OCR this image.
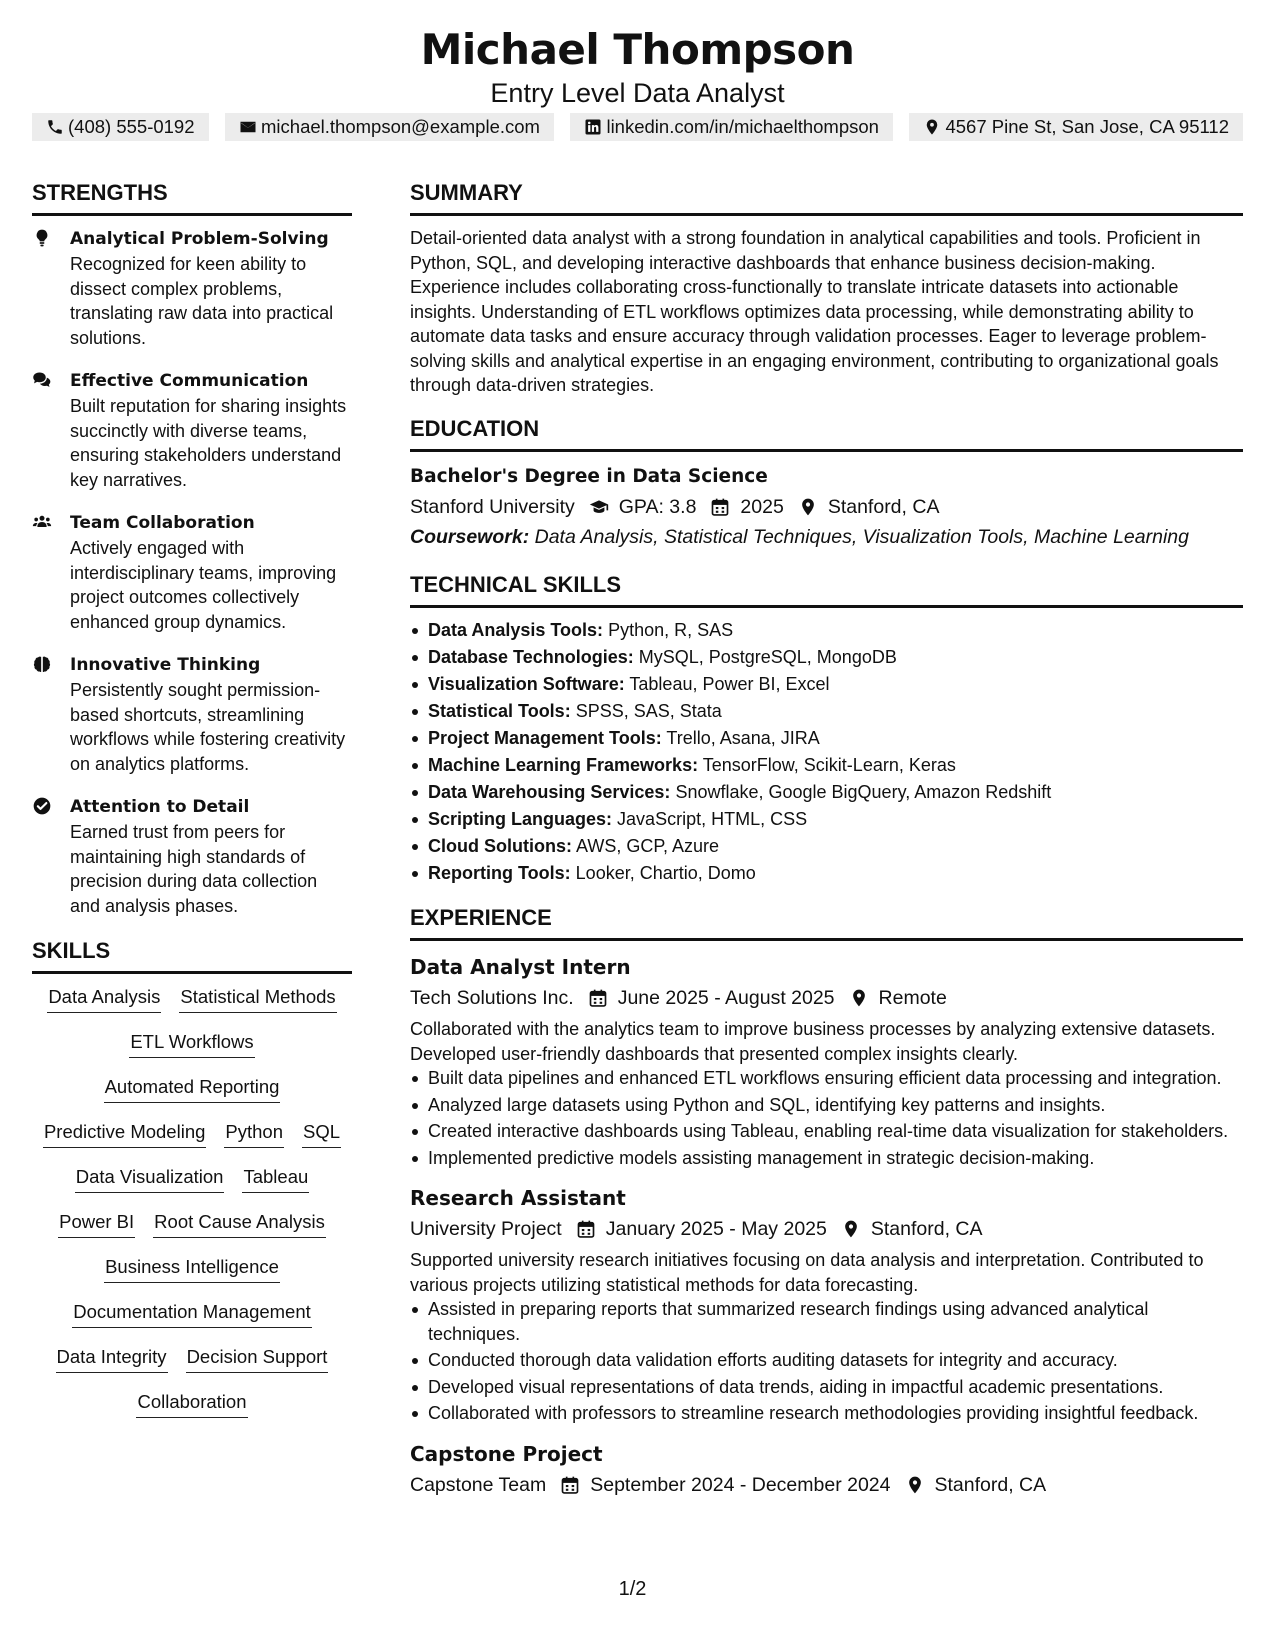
Michael Thompson
Entry Level Data Analyst
(408) 555-0192	michael.thompson@example.com	linkedin.com/in/michaelthompson	4567 Pine St, San Jose, CA 95112
STRENGTHS
Analytical Problem-Solving
Recognized for keen ability to dissect complex problems, translating raw data into practical solutions.
Effective Communication
Built reputation for sharing insights succinctly with diverse teams, ensuring stakeholders understand key narratives.
Team Collaboration
Actively engaged with interdisciplinary teams, improving project outcomes collectively enhanced group dynamics.
Innovative Thinking
Persistently sought permission-based shortcuts, streamlining workflows while fostering creativity on analytics platforms.
Attention to Detail
Earned trust from peers for maintaining high standards of precision during data collection and analysis phases.
SKILLS
Data Analysis Statistical Methods
ETL Workflows
Automated Reporting
Predictive Modeling Python SQL
Data Visualization Tableau
Power BI Root Cause Analysis
Business Intelligence
Documentation Management
Data Integrity Decision Support
Collaboration
SUMMARY
Detail-oriented data analyst with a strong foundation in analytical capabilities and tools. Proficient in Python, SQL, and developing interactive dashboards that enhance business decision-making. Experience includes collaborating cross-functionally to translate intricate datasets into actionable insights. Understanding of ETL workflows optimizes data processing, while demonstrating ability to automate data tasks and ensure accuracy through validation processes. Eager to leverage problem-solving skills and analytical expertise in an engaging environment, contributing to organizational goals through data-driven strategies.
EDUCATION
Bachelor's Degree in Data Science
Stanford University GPA: 3.8 2025 Stanford, CA
Coursework: Data Analysis, Statistical Techniques, Visualization Tools, Machine Learning
TECHNICAL SKILLS
Data Analysis Tools: Python, R, SAS
Database Technologies: MySQL, PostgreSQL, MongoDB
Visualization Software: Tableau, Power BI, Excel
Statistical Tools: SPSS, SAS, Stata
Project Management Tools: Trello, Asana, JIRA
Machine Learning Frameworks: TensorFlow, Scikit-Learn, Keras
Data Warehousing Services: Snowflake, Google BigQuery, Amazon Redshift
Scripting Languages: JavaScript, HTML, CSS
Cloud Solutions: AWS, GCP, Azure
Reporting Tools: Looker, Chartio, Domo
EXPERIENCE
Data Analyst Intern
Tech Solutions Inc. June 2025 - August 2025 Remote
Collaborated with the analytics team to improve business processes by analyzing extensive datasets. Developed user-friendly dashboards that presented complex insights clearly.
Built data pipelines and enhanced ETL workflows ensuring efficient data processing and integration.
Analyzed large datasets using Python and SQL, identifying key patterns and insights.
Created interactive dashboards using Tableau, enabling real-time data visualization for stakeholders.
Implemented predictive models assisting management in strategic decision-making.
Research Assistant
University Project January 2025 - May 2025 Stanford, CA
Supported university research initiatives focusing on data analysis and interpretation. Contributed to various projects utilizing statistical methods for data forecasting.
Assisted in preparing reports that summarized research findings using advanced analytical techniques.
Conducted thorough data validation efforts auditing datasets for integrity and accuracy.
Developed visual representations of data trends, aiding in impactful academic presentations.
Collaborated with professors to streamline research methodologies providing insightful feedback.
Capstone Project
Capstone Team September 2024 - December 2024 Stanford, CA
1/2
